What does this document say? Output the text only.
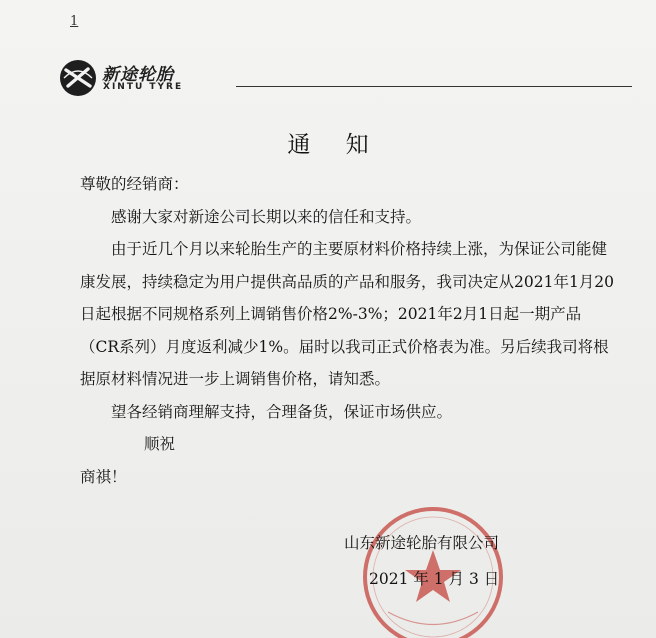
1
新途轮胎
XINTU TYRE
通 知

尊敬的经销商：

感谢大家对新途公司长期以来的信任和支持。

由于近几个月以来轮胎生产的主要原材料价格持续上涨，为保证公司能健康发展，持续稳定为用户提供高品质的产品和服务，我司决定从2021年1月20日起根据不同规格系列上调销售价格2%-3%；2021年2月1日起一期产品（CR系列）月度返利减少1%。届时以我司正式价格表为准。另后续我司将根据原材料情况进一步上调销售价格，请知悉。

望各经销商理解支持，合理备货，保证市场供应。

顺祝

商祺！

山东新途轮胎有限公司
2021 年 1 月 3 日
